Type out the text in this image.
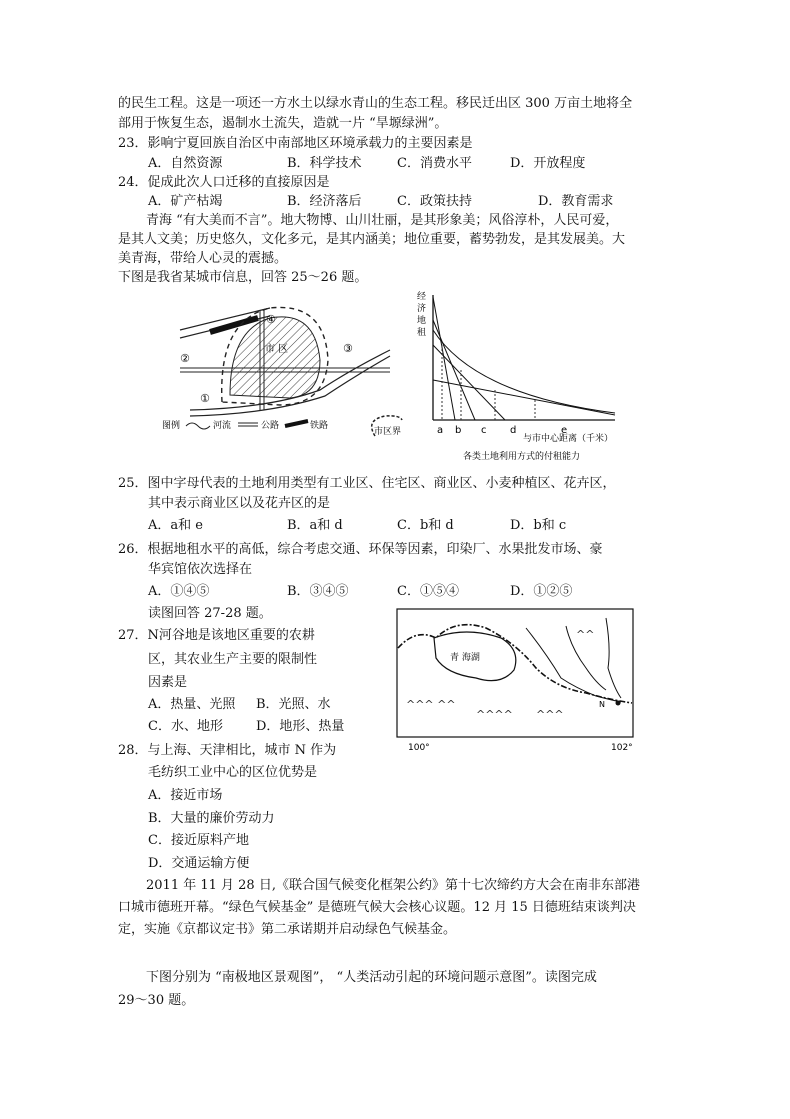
的民生工程。这是一项还一方水土以绿水青山的生态工程。移民迁出区 300 万亩土地将全
部用于恢复生态，遏制水土流失，造就一片 “旱塬绿洲”。
23．影响宁夏回族自治区中南部地区环境承载力的主要因素是
A．自然资源	B．科学技术	C．消费水平	D．开放程度
24．促成此次人口迁移的直接原因是
A．矿产枯竭	B．经济落后	C．政策扶持	D．教育需求
青海 “有大美而不言”。地大物博、山川壮丽，是其形象美；风俗淳朴，人民可爱，
是其人文美；历史悠久，文化多元，是其内涵美；地位重要，蓄势勃发，是其发展美。大
美青海，带给人心灵的震撼。
下图是我省某城市信息，回答 25～26 题。
市 区
④
②
③
①
图例	河流	公路	铁路
市区界
经
济
地
租
a b c d	e
与市中心距离（千米）
各类土地利用方式的付租能力
25．图中字母代表的土地利用类型有工业区、住宅区、商业区、小麦种植区、花卉区，
其中表示商业区以及花卉区的是
A．a和 e	B．a和 d	C．b和 d	D．b和 c
26．根据地租水平的高低，综合考虑交通、环保等因素，印染厂、水果批发市场、豪
华宾馆依次选择在
A．①④⑤	B．③④⑤	C．①⑤④	D．①②⑤
读图回答 27-28 题。
青 海湖
N
^^^ ^^
^^^^ ^^^
^^
100°	102°
27．N河谷地是该地区重要的农耕
区，其农业生产主要的限制性
因素是
A．热量、光照 B．光照、水
C．水、地形	D．地形、热量
28．与上海、天津相比，城市 N 作为
毛纺织工业中心的区位优势是
A．接近市场
B．大量的廉价劳动力
C．接近原料产地
D．交通运输方便
2011 年 11 月 28 日,《联合国气候变化框架公约》第十七次缔约方大会在南非东部港
口城市德班开幕。“绿色气候基金” 是德班气候大会核心议题。12 月 15 日德班结束谈判决
定，实施《京都议定书》第二承诺期并启动绿色气候基金。
下图分别为 “南极地区景观图”， “人类活动引起的环境问题示意图”。读图完成
29～30 题。
